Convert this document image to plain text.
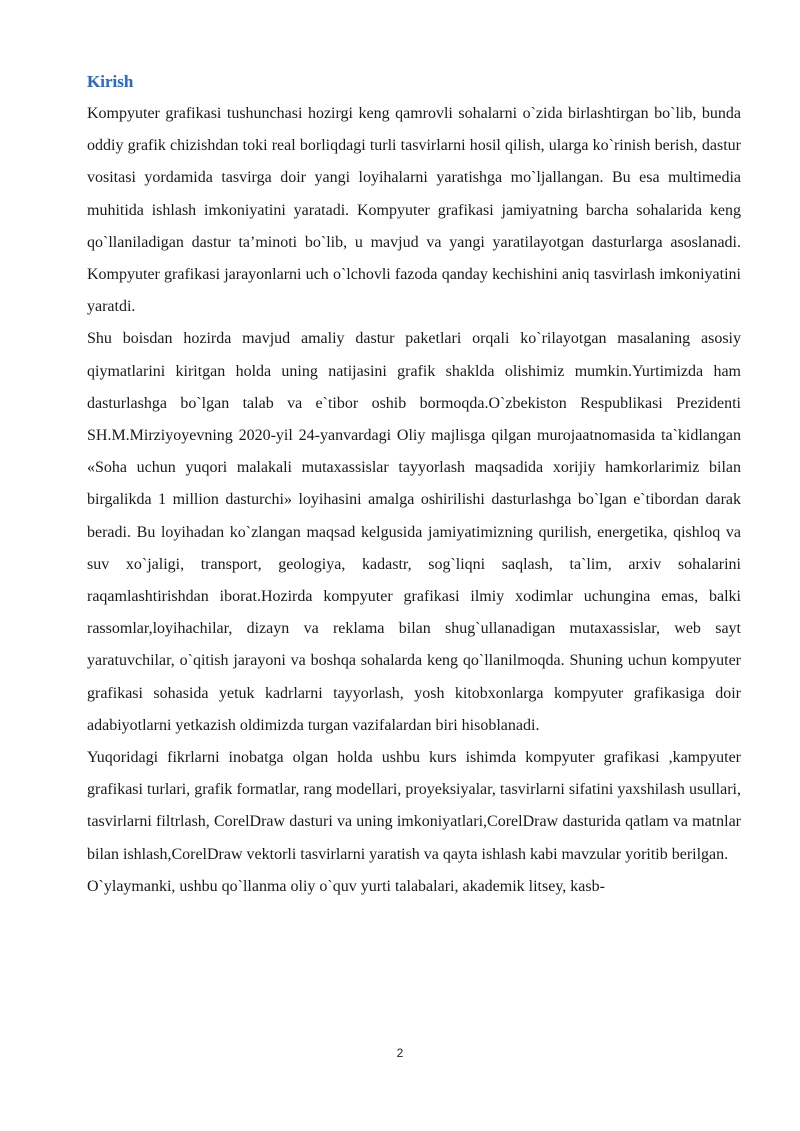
Kirish

Kompyuter grafikasi tushunchasi hozirgi keng qamrovli sohalarni o`zida birlashtirgan bo`lib, bunda oddiy grafik chizishdan toki real borliqdagi turli tasvirlarni hosil qilish, ularga ko`rinish berish, dastur vositasi yordamida tasvirga doir yangi loyihalarni yaratishga mo`ljallangan. Bu esa multimedia muhitida ishlash imkoniyatini yaratadi. Kompyuter grafikasi jamiyatning barcha sohalarida keng qo`llaniladigan dastur ta’minoti bo`lib, u mavjud va yangi yaratilayotgan dasturlarga asoslanadi. Kompyuter grafikasi jarayonlarni uch o`lchovli fazoda qanday kechishini aniq tasvirlash imkoniyatini yaratdi.

Shu boisdan hozirda mavjud amaliy dastur paketlari orqali ko`rilayotgan masalaning asosiy qiymatlarini kiritgan holda uning natijasini grafik shaklda olishimiz mumkin.Yurtimizda ham dasturlashga bo`lgan talab va e`tibor oshib bormoqda.O`zbekiston Respublikasi Prezidenti SH.M.Mirziyoyevning 2020-yil 24-yanvardagi Oliy majlisga qilgan murojaatnomasida ta`kidlangan «Soha uchun yuqori malakali mutaxassislar tayyorlash maqsadida xorijiy hamkorlarimiz bilan birgalikda 1 million dasturchi» loyihasini amalga oshirilishi dasturlashga bo`lgan e`tibordan darak beradi. Bu loyihadan ko`zlangan maqsad kelgusida jamiyatimizning qurilish, energetika, qishloq va suv xo`jaligi, transport, geologiya, kadastr, sog`liqni saqlash, ta`lim, arxiv sohalarini raqamlashtirishdan iborat.Hozirda kompyuter grafikasi ilmiy xodimlar uchungina emas, balki rassomlar,loyihachilar, dizayn va reklama bilan shug`ullanadigan mutaxassislar, web sayt yaratuvchilar, o`qitish jarayoni va boshqa sohalarda keng qo`llanilmoqda. Shuning uchun kompyuter grafikasi sohasida yetuk kadrlarni tayyorlash, yosh kitobxonlarga kompyuter grafikasiga doir adabiyotlarni yetkazish oldimizda turgan vazifalardan biri hisoblanadi.

Yuqoridagi fikrlarni inobatga olgan holda ushbu kurs ishimda kompyuter grafikasi ,kampyuter grafikasi turlari, grafik formatlar, rang modellari, proyeksiyalar, tasvirlarni sifatini yaxshilash usullari, tasvirlarni filtrlash, CorelDraw dasturi va uning imkoniyatlari,CorelDraw dasturida qatlam va matnlar bilan ishlash,CorelDraw vektorli tasvirlarni yaratish va qayta ishlash kabi mavzular yoritib berilgan.

O`ylaymanki, ushbu qo`llanma oliy o`quv yurti talabalari, akademik litsey, kasb-

2
